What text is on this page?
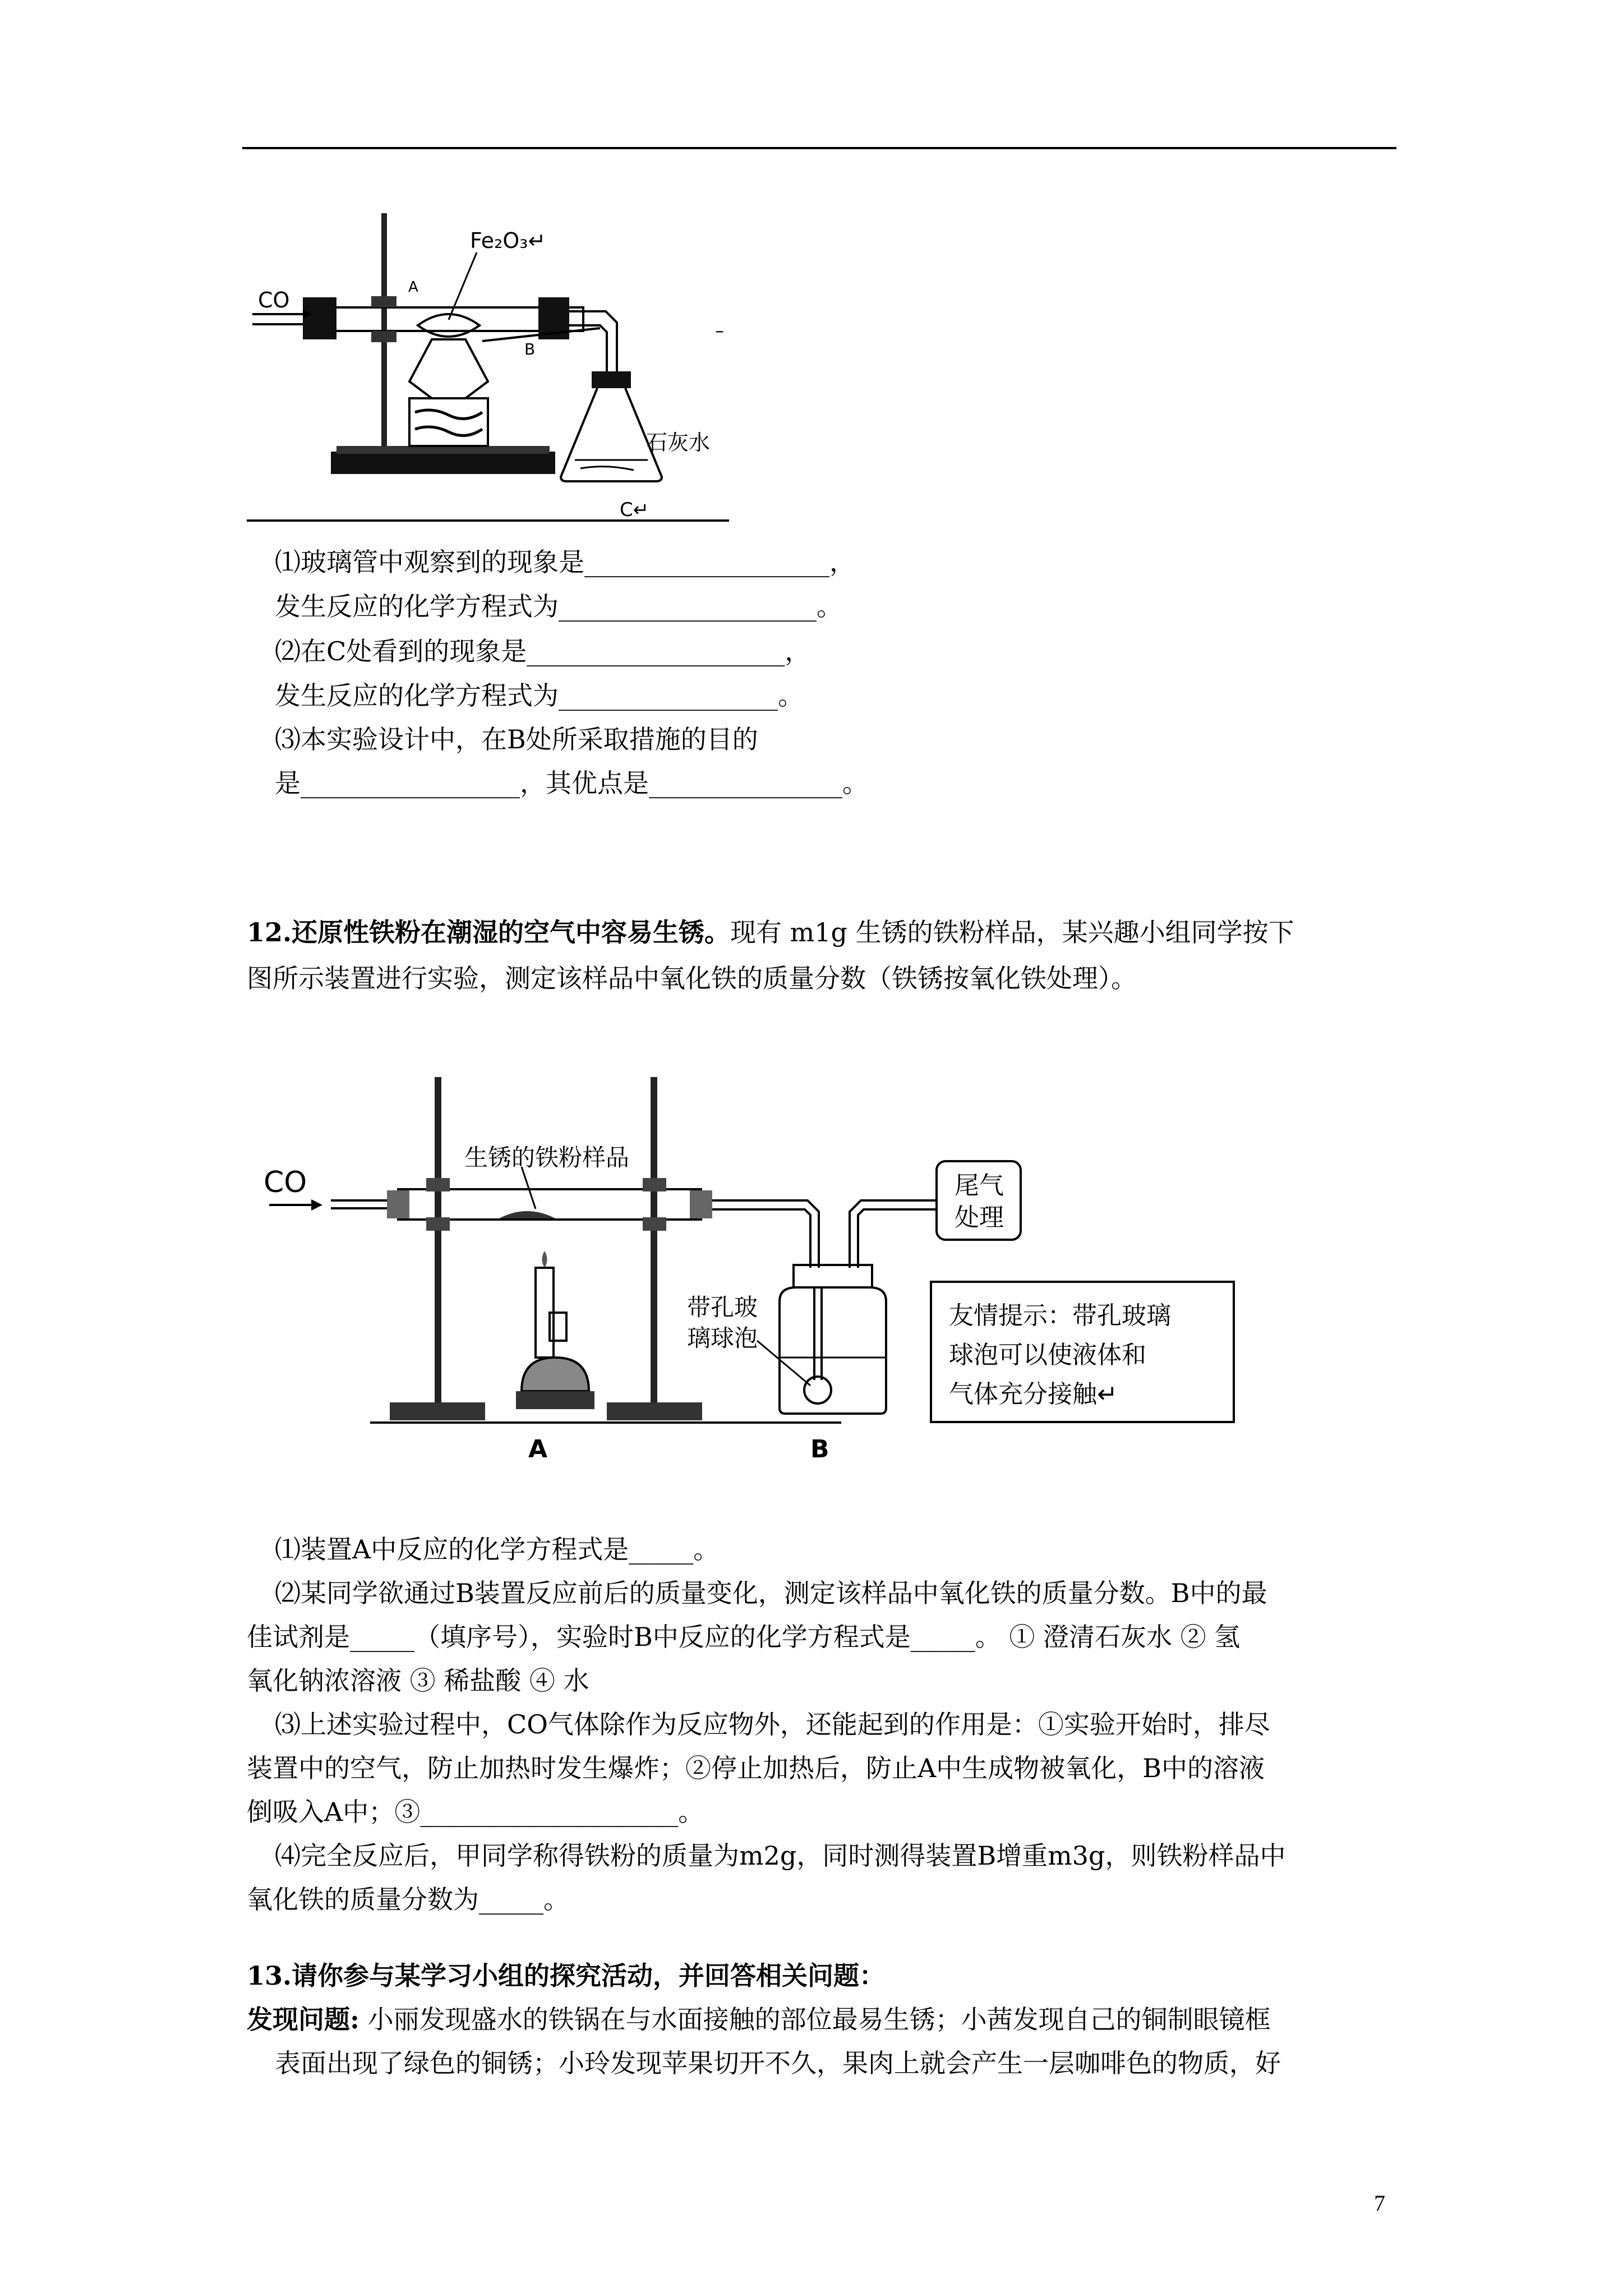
Fe₂O₃↵
CO
A
B
石灰水
C↵
–
⑴玻璃管中观察到的现象是___________________，
发生反应的化学方程式为____________________。
⑵在C处看到的现象是____________________，
发生反应的化学方程式为_________________。
⑶本实验设计中，在B处所采取措施的目的
是_________________，其优点是_______________。
12.还原性铁粉在潮湿的空气中容易生锈。现有 m1g 生锈的铁粉样品，某兴趣小组同学按下
图所示装置进行实验，测定该样品中氧化铁的质量分数（铁锈按氧化铁处理）。
CO
生锈的铁粉样品
尾气
处理
带孔玻
璃球泡
友情提示：带孔玻璃
球泡可以使液体和
气体充分接触↵
A	B
⑴装置A中反应的化学方程式是_____。
⑵某同学欲通过B装置反应前后的质量变化，测定该样品中氧化铁的质量分数。B中的最
佳试剂是_____（填序号），实验时B中反应的化学方程式是_____。 ① 澄清石灰水 ② 氢
氧化钠浓溶液 ③ 稀盐酸 ④ 水
⑶上述实验过程中，CO气体除作为反应物外，还能起到的作用是：①实验开始时，排尽
装置中的空气，防止加热时发生爆炸；②停止加热后，防止A中生成物被氧化，B中的溶液
倒吸入A中；③____________________。
⑷完全反应后，甲同学称得铁粉的质量为m2g，同时测得装置B增重m3g，则铁粉样品中
氧化铁的质量分数为_____。
13.请你参与某学习小组的探究活动，并回答相关问题：
发现问题: 小丽发现盛水的铁锅在与水面接触的部位最易生锈；小茜发现自己的铜制眼镜框
表面出现了绿色的铜锈；小玲发现苹果切开不久，果肉上就会产生一层咖啡色的物质，好
7
